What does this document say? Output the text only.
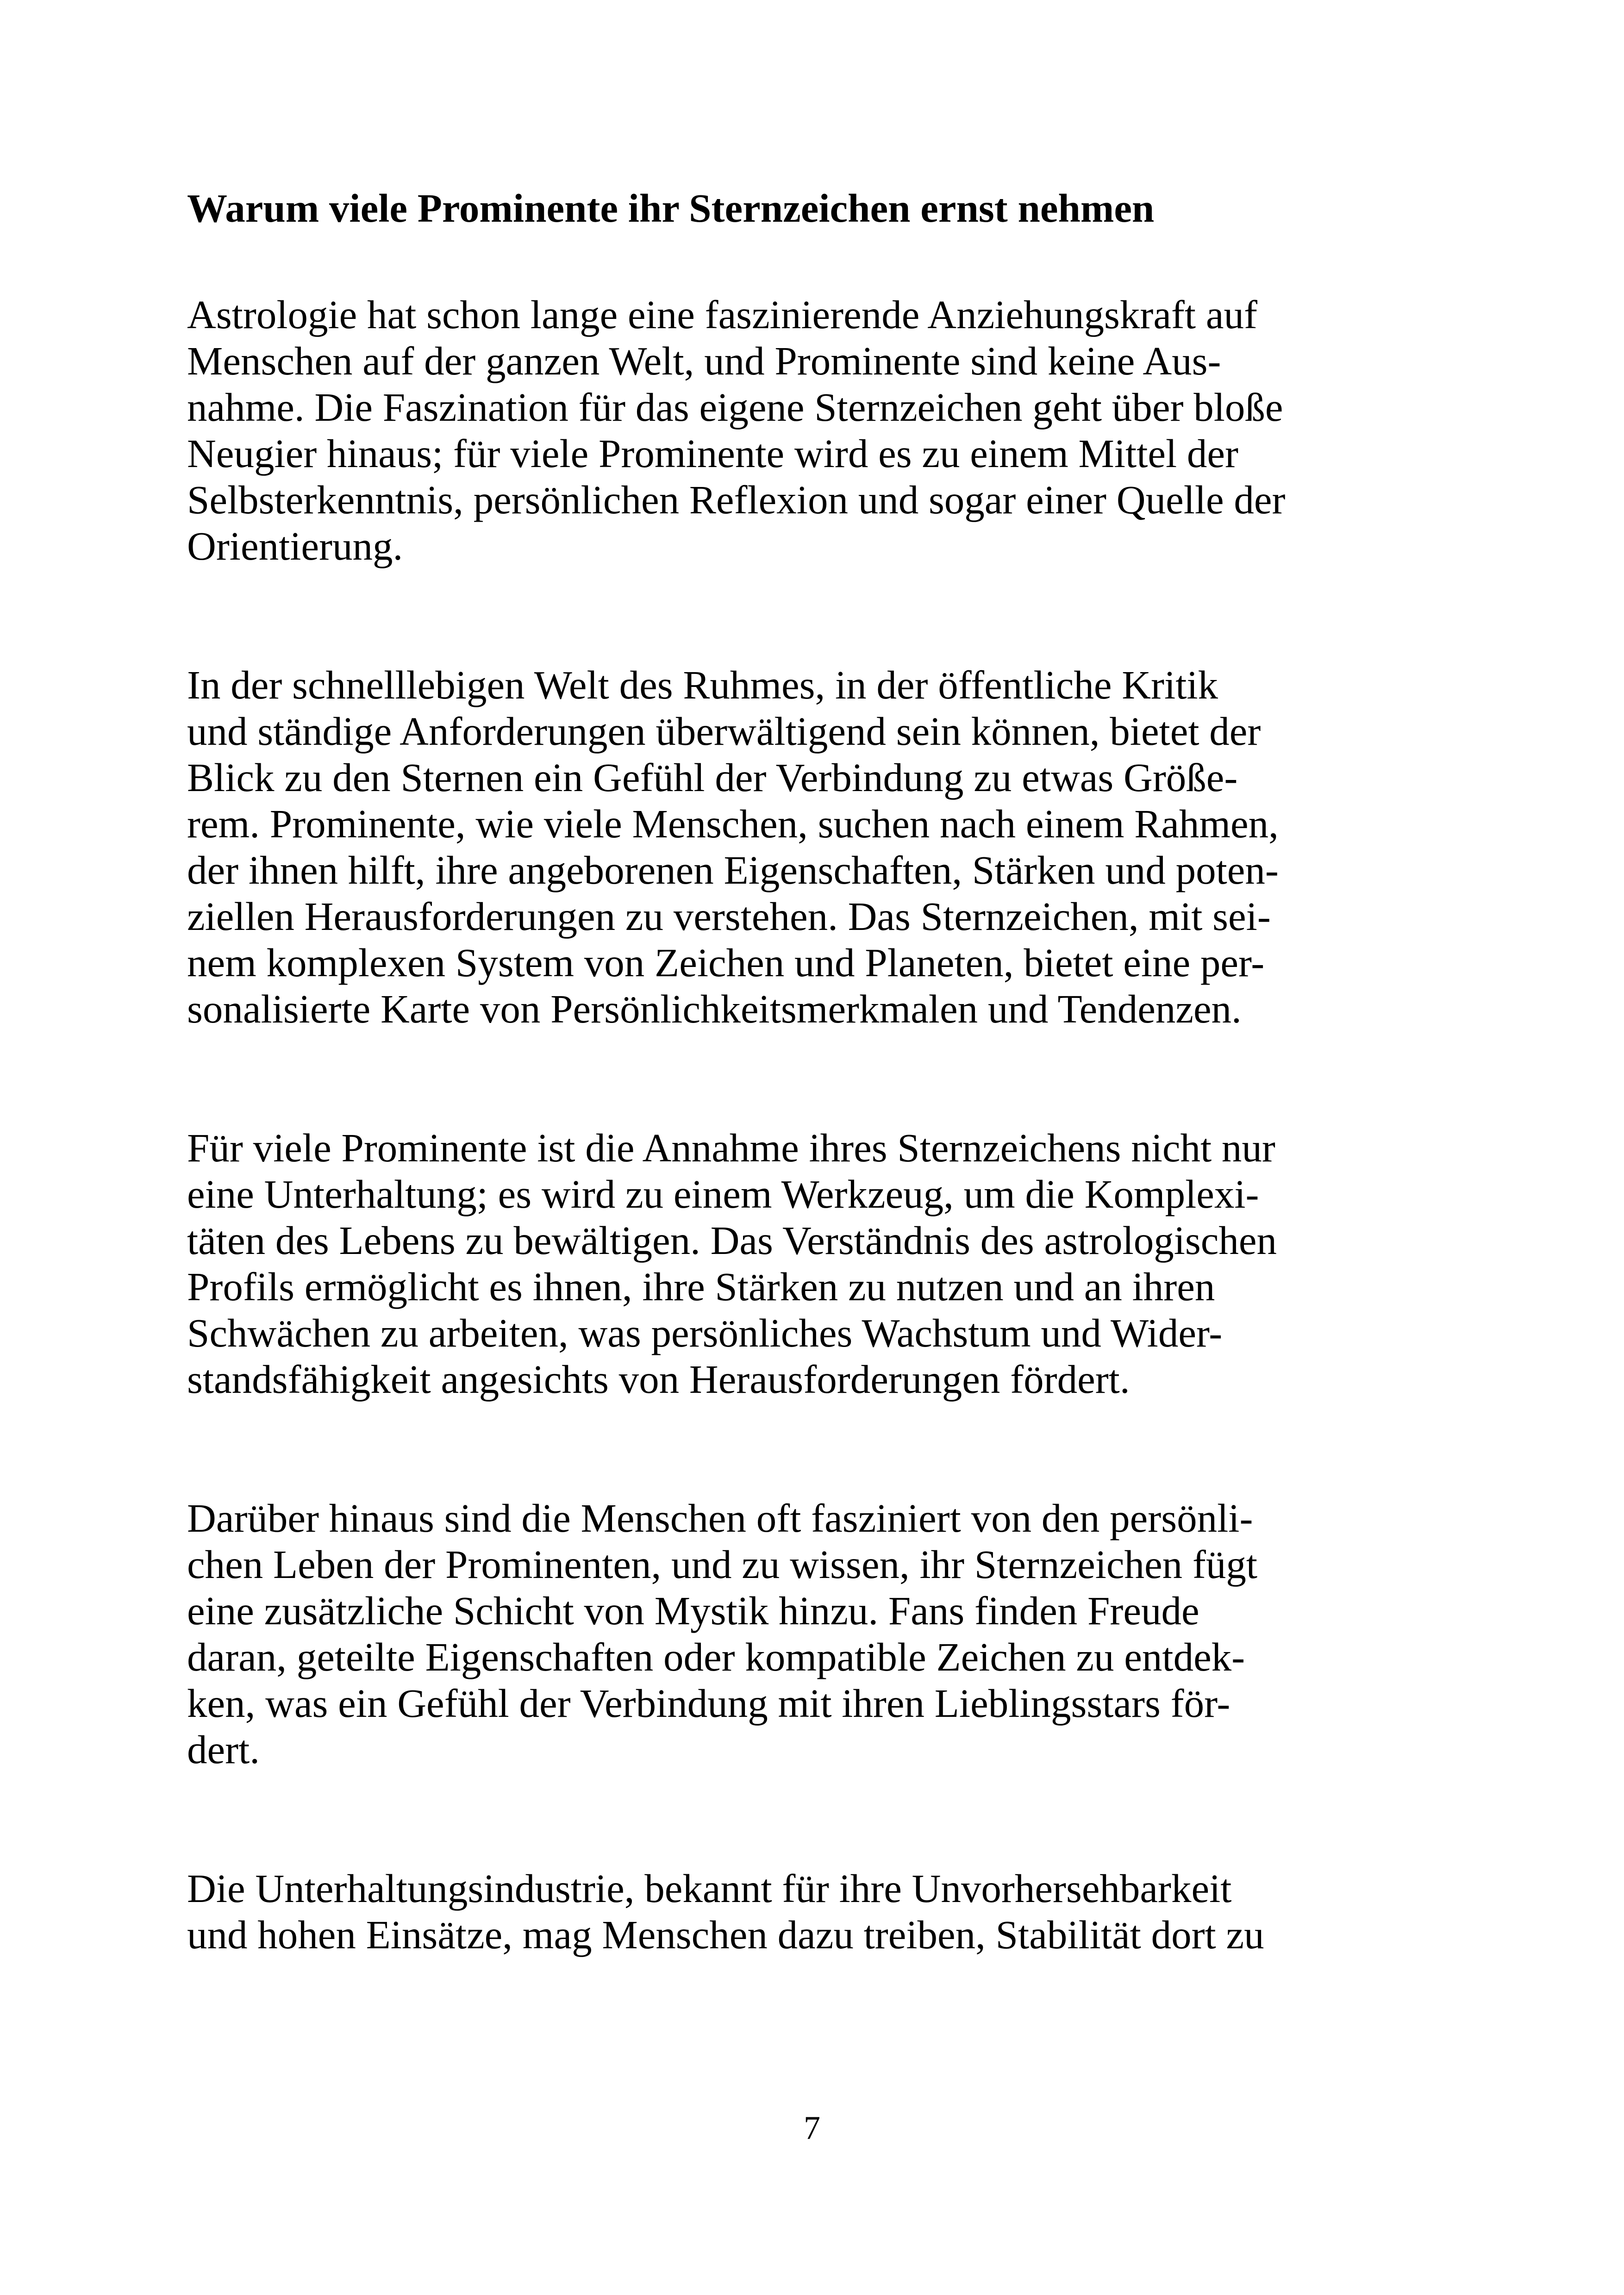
Warum viele Prominente ihr Sternzeichen ernst nehmen

Astrologie hat schon lange eine faszinierende Anziehungskraft auf
Menschen auf der ganzen Welt, und Prominente sind keine Aus-
nahme. Die Faszination für das eigene Sternzeichen geht über bloße
Neugier hinaus; für viele Prominente wird es zu einem Mittel der
Selbsterkenntnis, persönlichen Reflexion und sogar einer Quelle der
Orientierung.

In der schnelllebigen Welt des Ruhmes, in der öffentliche Kritik
und ständige Anforderungen überwältigend sein können, bietet der
Blick zu den Sternen ein Gefühl der Verbindung zu etwas Größe-
rem. Prominente, wie viele Menschen, suchen nach einem Rahmen,
der ihnen hilft, ihre angeborenen Eigenschaften, Stärken und poten-
ziellen Herausforderungen zu verstehen. Das Sternzeichen, mit sei-
nem komplexen System von Zeichen und Planeten, bietet eine per-
sonalisierte Karte von Persönlichkeitsmerkmalen und Tendenzen.

Für viele Prominente ist die Annahme ihres Sternzeichens nicht nur
eine Unterhaltung; es wird zu einem Werkzeug, um die Komplexi-
täten des Lebens zu bewältigen. Das Verständnis des astrologischen
Profils ermöglicht es ihnen, ihre Stärken zu nutzen und an ihren
Schwächen zu arbeiten, was persönliches Wachstum und Wider-
standsfähigkeit angesichts von Herausforderungen fördert.

Darüber hinaus sind die Menschen oft fasziniert von den persönli-
chen Leben der Prominenten, und zu wissen, ihr Sternzeichen fügt
eine zusätzliche Schicht von Mystik hinzu. Fans finden Freude
daran, geteilte Eigenschaften oder kompatible Zeichen zu entdek-
ken, was ein Gefühl der Verbindung mit ihren Lieblingsstars för-
dert.

Die Unterhaltungsindustrie, bekannt für ihre Unvorhersehbarkeit
und hohen Einsätze, mag Menschen dazu treiben, Stabilität dort zu

7
